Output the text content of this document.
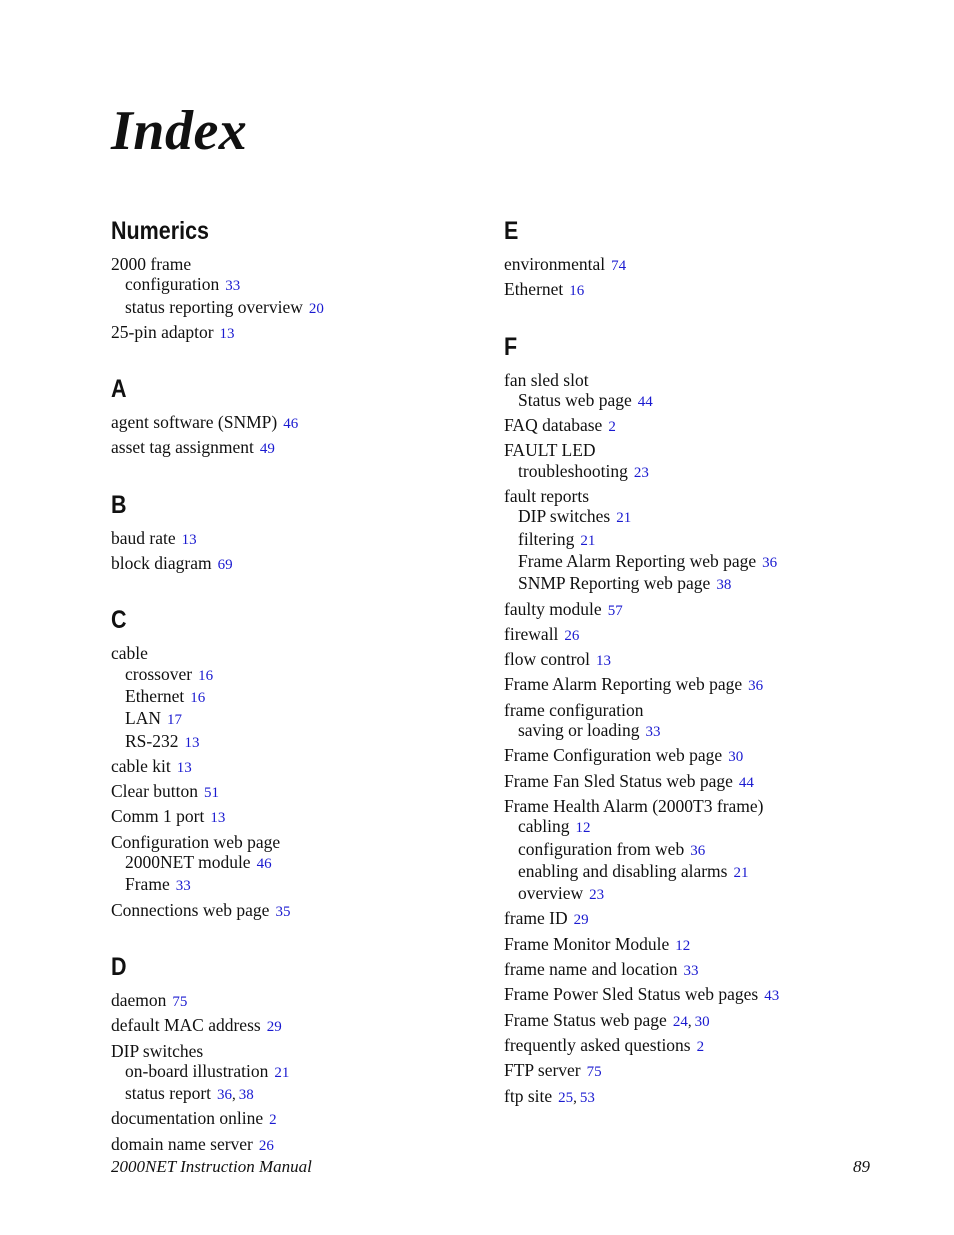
Index
Numerics
2000 frame
configuration 33
status reporting overview 20
25-pin adaptor 13
A
agent software (SNMP) 46
asset tag assignment 49
B
baud rate 13
block diagram 69
C
cable
crossover 16
Ethernet 16
LAN 17
RS-232 13
cable kit 13
Clear button 51
Comm 1 port 13
Configuration web page
2000NET module 46
Frame 33
Connections web page 35
D
daemon 75
default MAC address 29
DIP switches
on-board illustration 21
status report 36, 38
documentation online 2
domain name server 26
E
environmental 74
Ethernet 16
F
fan sled slot
Status web page 44
FAQ database 2
FAULT LED
troubleshooting 23
fault reports
DIP switches 21
filtering 21
Frame Alarm Reporting web page 36
SNMP Reporting web page 38
faulty module 57
firewall 26
flow control 13
Frame Alarm Reporting web page 36
frame configuration
saving or loading 33
Frame Configuration web page 30
Frame Fan Sled Status web page 44
Frame Health Alarm (2000T3 frame)
cabling 12
configuration from web 36
enabling and disabling alarms 21
overview 23
frame ID 29
Frame Monitor Module 12
frame name and location 33
Frame Power Sled Status web pages 43
Frame Status web page 24, 30
frequently asked questions 2
FTP server 75
ftp site 25, 53
2000NET Instruction Manual	89
